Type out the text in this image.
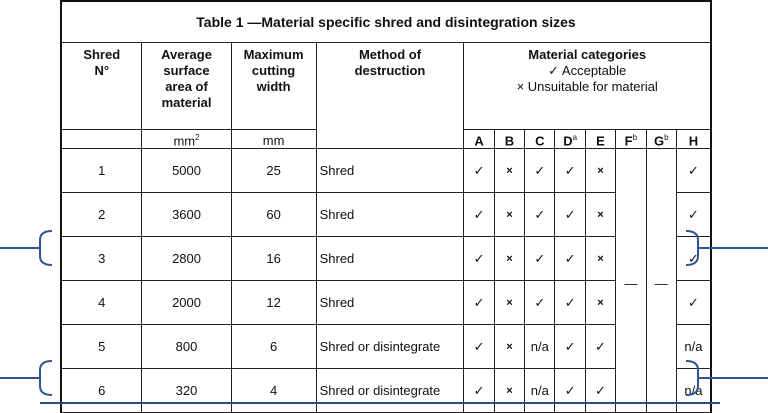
Table 1 —Material specific shred and disintegration sizes											
Shred N°	Average surface area of material	Maximum cutting width	Method of destruction	Material categories
✓ Acceptable
× Unsuitable for material							

	$mm^2$	mm		A	B	C	$D^a$	E	$F^b$	$G^b$	H
1	5000	25	Shred	✓	×	✓	✓	×	—	—	✓
2	3600	60	Shred	✓	×	✓	✓	×			✓
3	2800	16	Shred	✓	×	✓	✓	×			✓
4	2000	12	Shred	✓	×	✓	✓	×			✓
5	800	6	Shred or disintegrate	✓	×	n/a	✓	✓			n/a
6	320	4	Shred or disintegrate	✓	×	n/a	✓	✓			n/a
